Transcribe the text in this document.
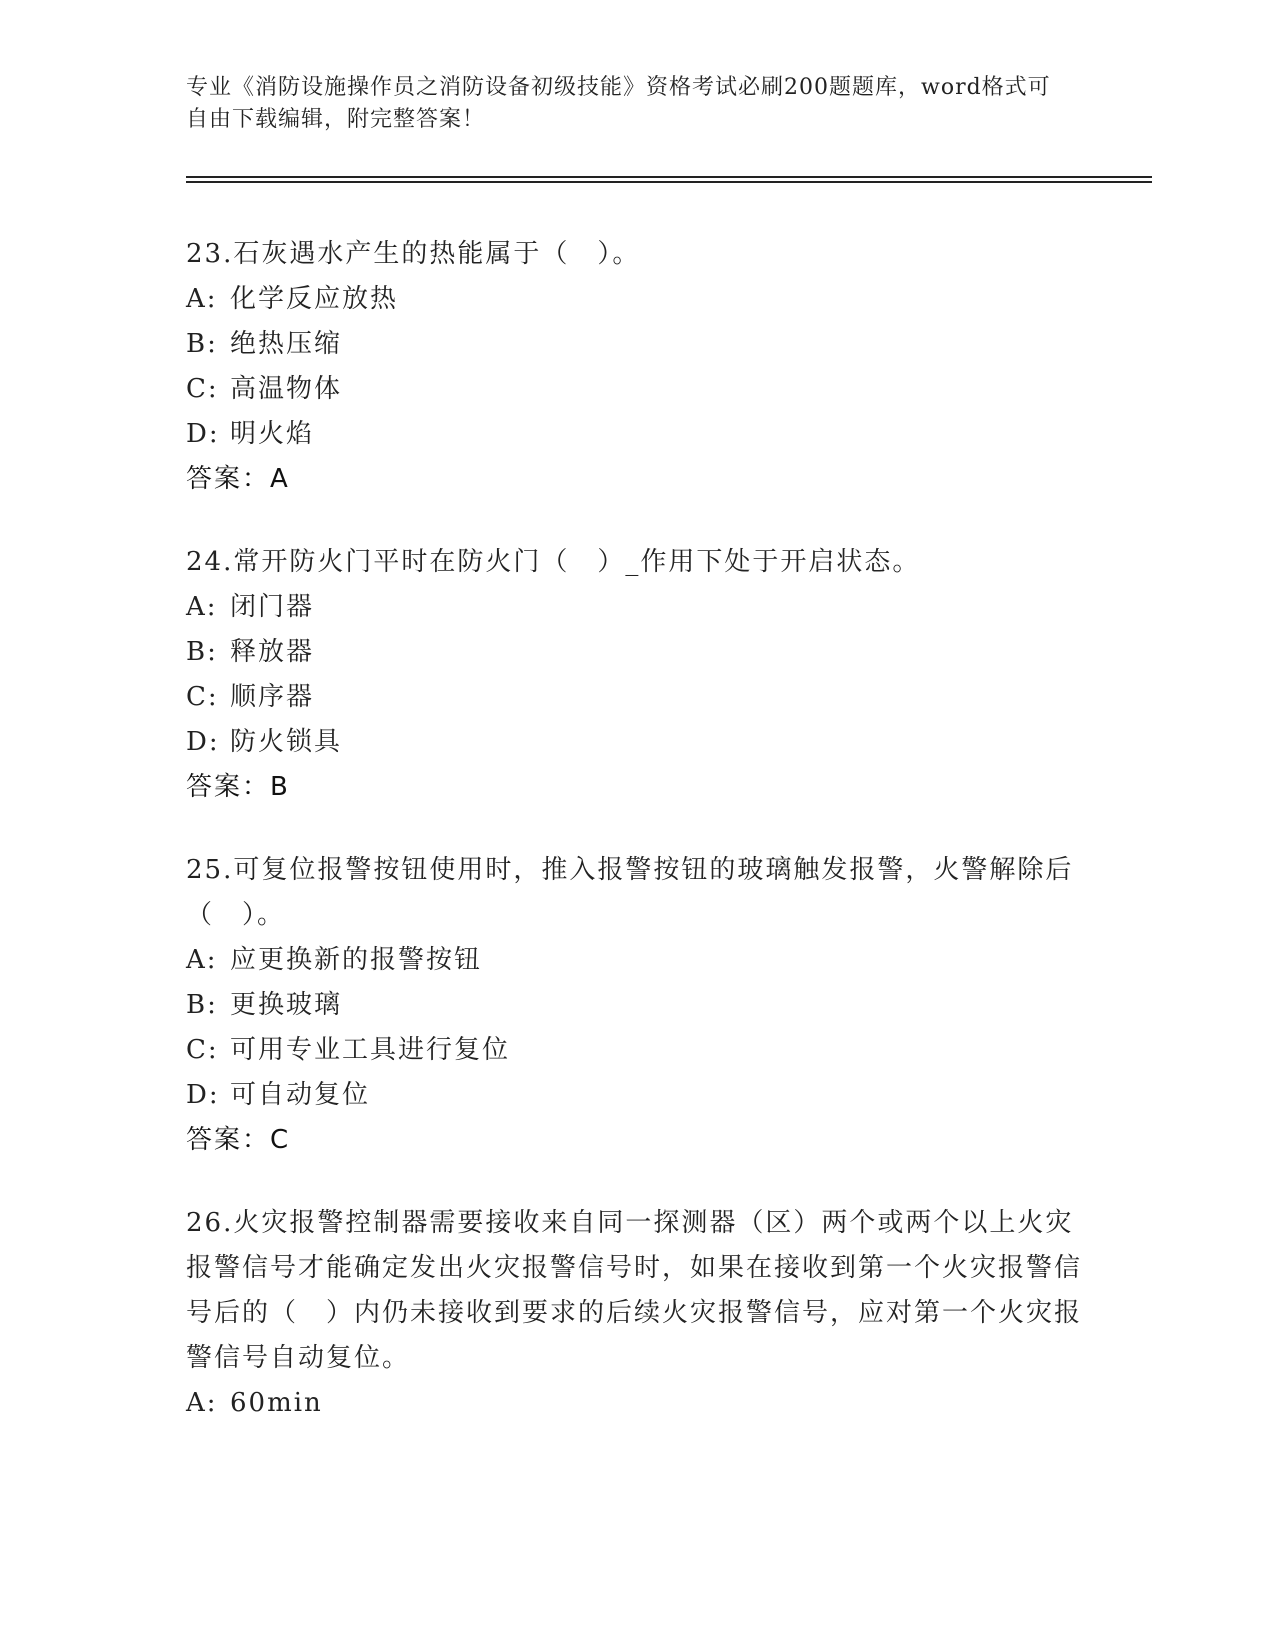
专业《消防设施操作员之消防设备初级技能》资格考试必刷200题题库，word格式可自由下载编辑，附完整答案！
23.石灰遇水产生的热能属于（　）。
A: 化学反应放热
B: 绝热压缩
C: 高温物体
D: 明火焰
答案：A
24.常开防火门平时在防火门（　）_作用下处于开启状态。
A: 闭门器
B: 释放器
C: 顺序器
D: 防火锁具
答案：B
25.可复位报警按钮使用时，推入报警按钮的玻璃触发报警，火警解除后（　）。
A: 应更换新的报警按钮
B: 更换玻璃
C: 可用专业工具进行复位
D: 可自动复位
答案：C
26.火灾报警控制器需要接收来自同一探测器（区）两个或两个以上火灾报警信号才能确定发出火灾报警信号时，如果在接收到第一个火灾报警信号后的（　）内仍未接收到要求的后续火灾报警信号，应对第一个火灾报警信号自动复位。
A: 60min
